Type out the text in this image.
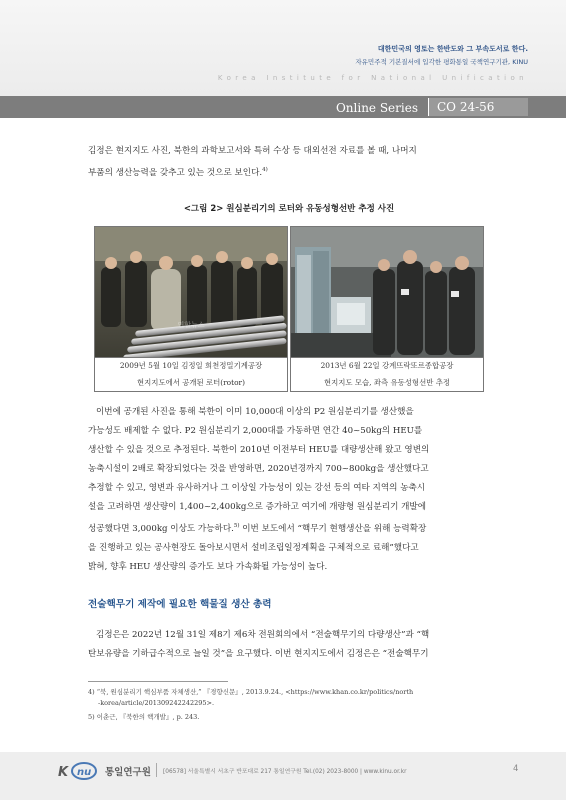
대한민국의 영토는 한반도와 그 부속도서로 한다.
자유민주적 기본질서에 입각한 평화통일 국책연구기관, KINU
Korea Institute for National Unification
Online Series	CO 24-56

김정은 현지지도 사진, 북한의 과학보고서와 특허 수상 등 대외선전 자료를 볼 때, 나머지
부품의 생산능력을 갖추고 있는 것으로 보인다.$^{4)}$

<그림 2> 원심분리기의 로터와 유동성형선반 추정 사진
연합뉴스
2009년 5월 10일 김정일 희천정밀기계공장
현지지도에서 공개된 로터(rotor)
2013년 6월 22일 강계뜨락또르종합공장
현지지도 모습, 좌측 유동성형선반 추정

이번에 공개된 사진을 통해 북한이 이미 10,000대 이상의 P2 원심분리기를 생산했을
가능성도 배제할 수 없다. P2 원심분리기 2,000대를 가동하면 연간 40~50kg의 HEU를
생산할 수 있을 것으로 추정된다. 북한이 2010년 이전부터 HEU를 대량생산해 왔고 영변의
농축시설이 2배로 확장되었다는 것을 반영하면, 2020년경까지 700~800kg을 생산했다고
추정할 수 있고, 영변과 유사하거나 그 이상일 가능성이 있는 강선 등의 여타 지역의 농축시
설을 고려하면 생산량이 1,400~2,400kg으로 증가하고 여기에 개량형 원심분리기 개발에
성공했다면 3,000kg 이상도 가능하다.$^{5)}$ 이번 보도에서 “핵무기 현행생산을 위해 능력확장
을 진행하고 있는 공사현장도 돌아보시면서 설비조립일정계획을 구체적으로 료해”했다고
밝혀, 향후 HEU 생산량의 증가도 보다 가속화될 가능성이 높다.

전술핵무기 제작에 필요한 핵물질 생산 총력

김정은은 2022년 12월 31일 제8기 제6차 전원회의에서 “전술핵무기의 다량생산”과 “핵
탄보유량을 기하급수적으로 늘일 것”을 요구했다. 이번 현지지도에서 김정은은 “전술핵무기

4) “북, 원심분리기 핵심부품 자체생산,” 『경향신문』, 2013.9.24., <https://www.khan.co.kr/politics/north
-korea/article/201309242242295>.
5) 이춘근, 『북한의 핵개발』, p. 243.
K nu 통일연구원 [06578] 서울특별시 서초구 반포대로 217 통일연구원 Tel.(02) 2023-8000 | www.kinu.or.kr	4
